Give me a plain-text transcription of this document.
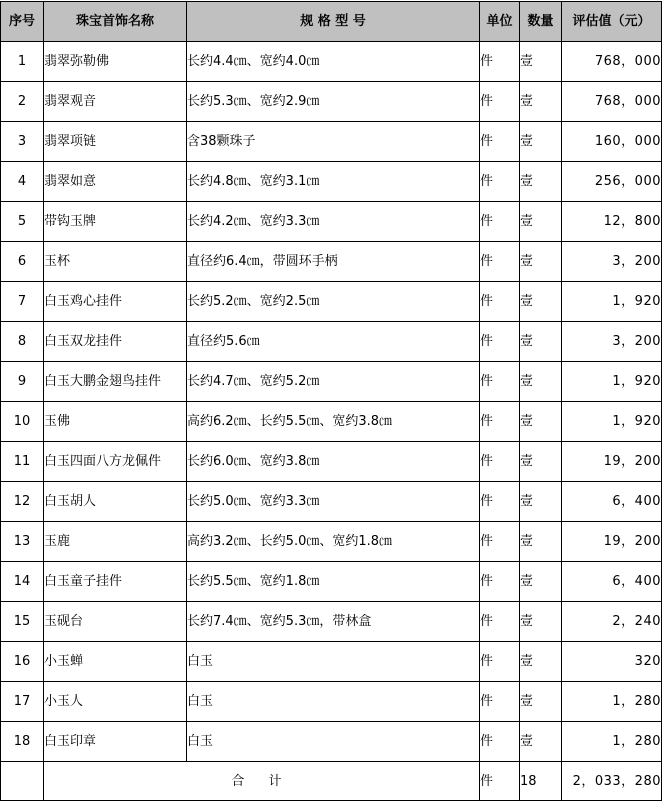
序号	珠宝首饰名称	规 格 型 号	单位	数量	评估值（元）
1	翡翠弥勒佛	长约4.4㎝、宽约4.0㎝	件	壹	768，000
2	翡翠观音	长约5.3㎝、宽约2.9㎝	件	壹	768，000
3	翡翠项链	含38颗珠子	件	壹	160，000
4	翡翠如意	长约4.8㎝、宽约3.1㎝	件	壹	256，000
5	带钩玉牌	长约4.2㎝、宽约3.3㎝	件	壹	12，800
6	玉杯	直径约6.4㎝，带圆环手柄	件	壹	3，200
7	白玉鸡心挂件	长约5.2㎝、宽约2.5㎝	件	壹	1，920
8	白玉双龙挂件	直径约5.6㎝	件	壹	3，200
9	白玉大鹏金翅鸟挂件	长约4.7㎝、宽约5.2㎝	件	壹	1，920
10	玉佛	高约6.2㎝、长约5.5㎝、宽约3.8㎝	件	壹	1，920
11	白玉四面八方龙佩件	长约6.0㎝、宽约3.8㎝	件	壹	19，200
12	白玉胡人	长约5.0㎝、宽约3.3㎝	件	壹	6，400
13	玉鹿	高约3.2㎝、长约5.0㎝、宽约1.8㎝	件	壹	19，200
14	白玉童子挂件	长约5.5㎝、宽约1.8㎝	件	壹	6，400
15	玉砚台	长约7.4㎝、宽约5.3㎝，带林盒	件	壹	2，240
16	小玉蝉	白玉	件	壹	320
17	小玉人	白玉	件	壹	1，280
18	白玉印章	白玉	件	壹	1，280
	合 计		件	18	2，033，280
